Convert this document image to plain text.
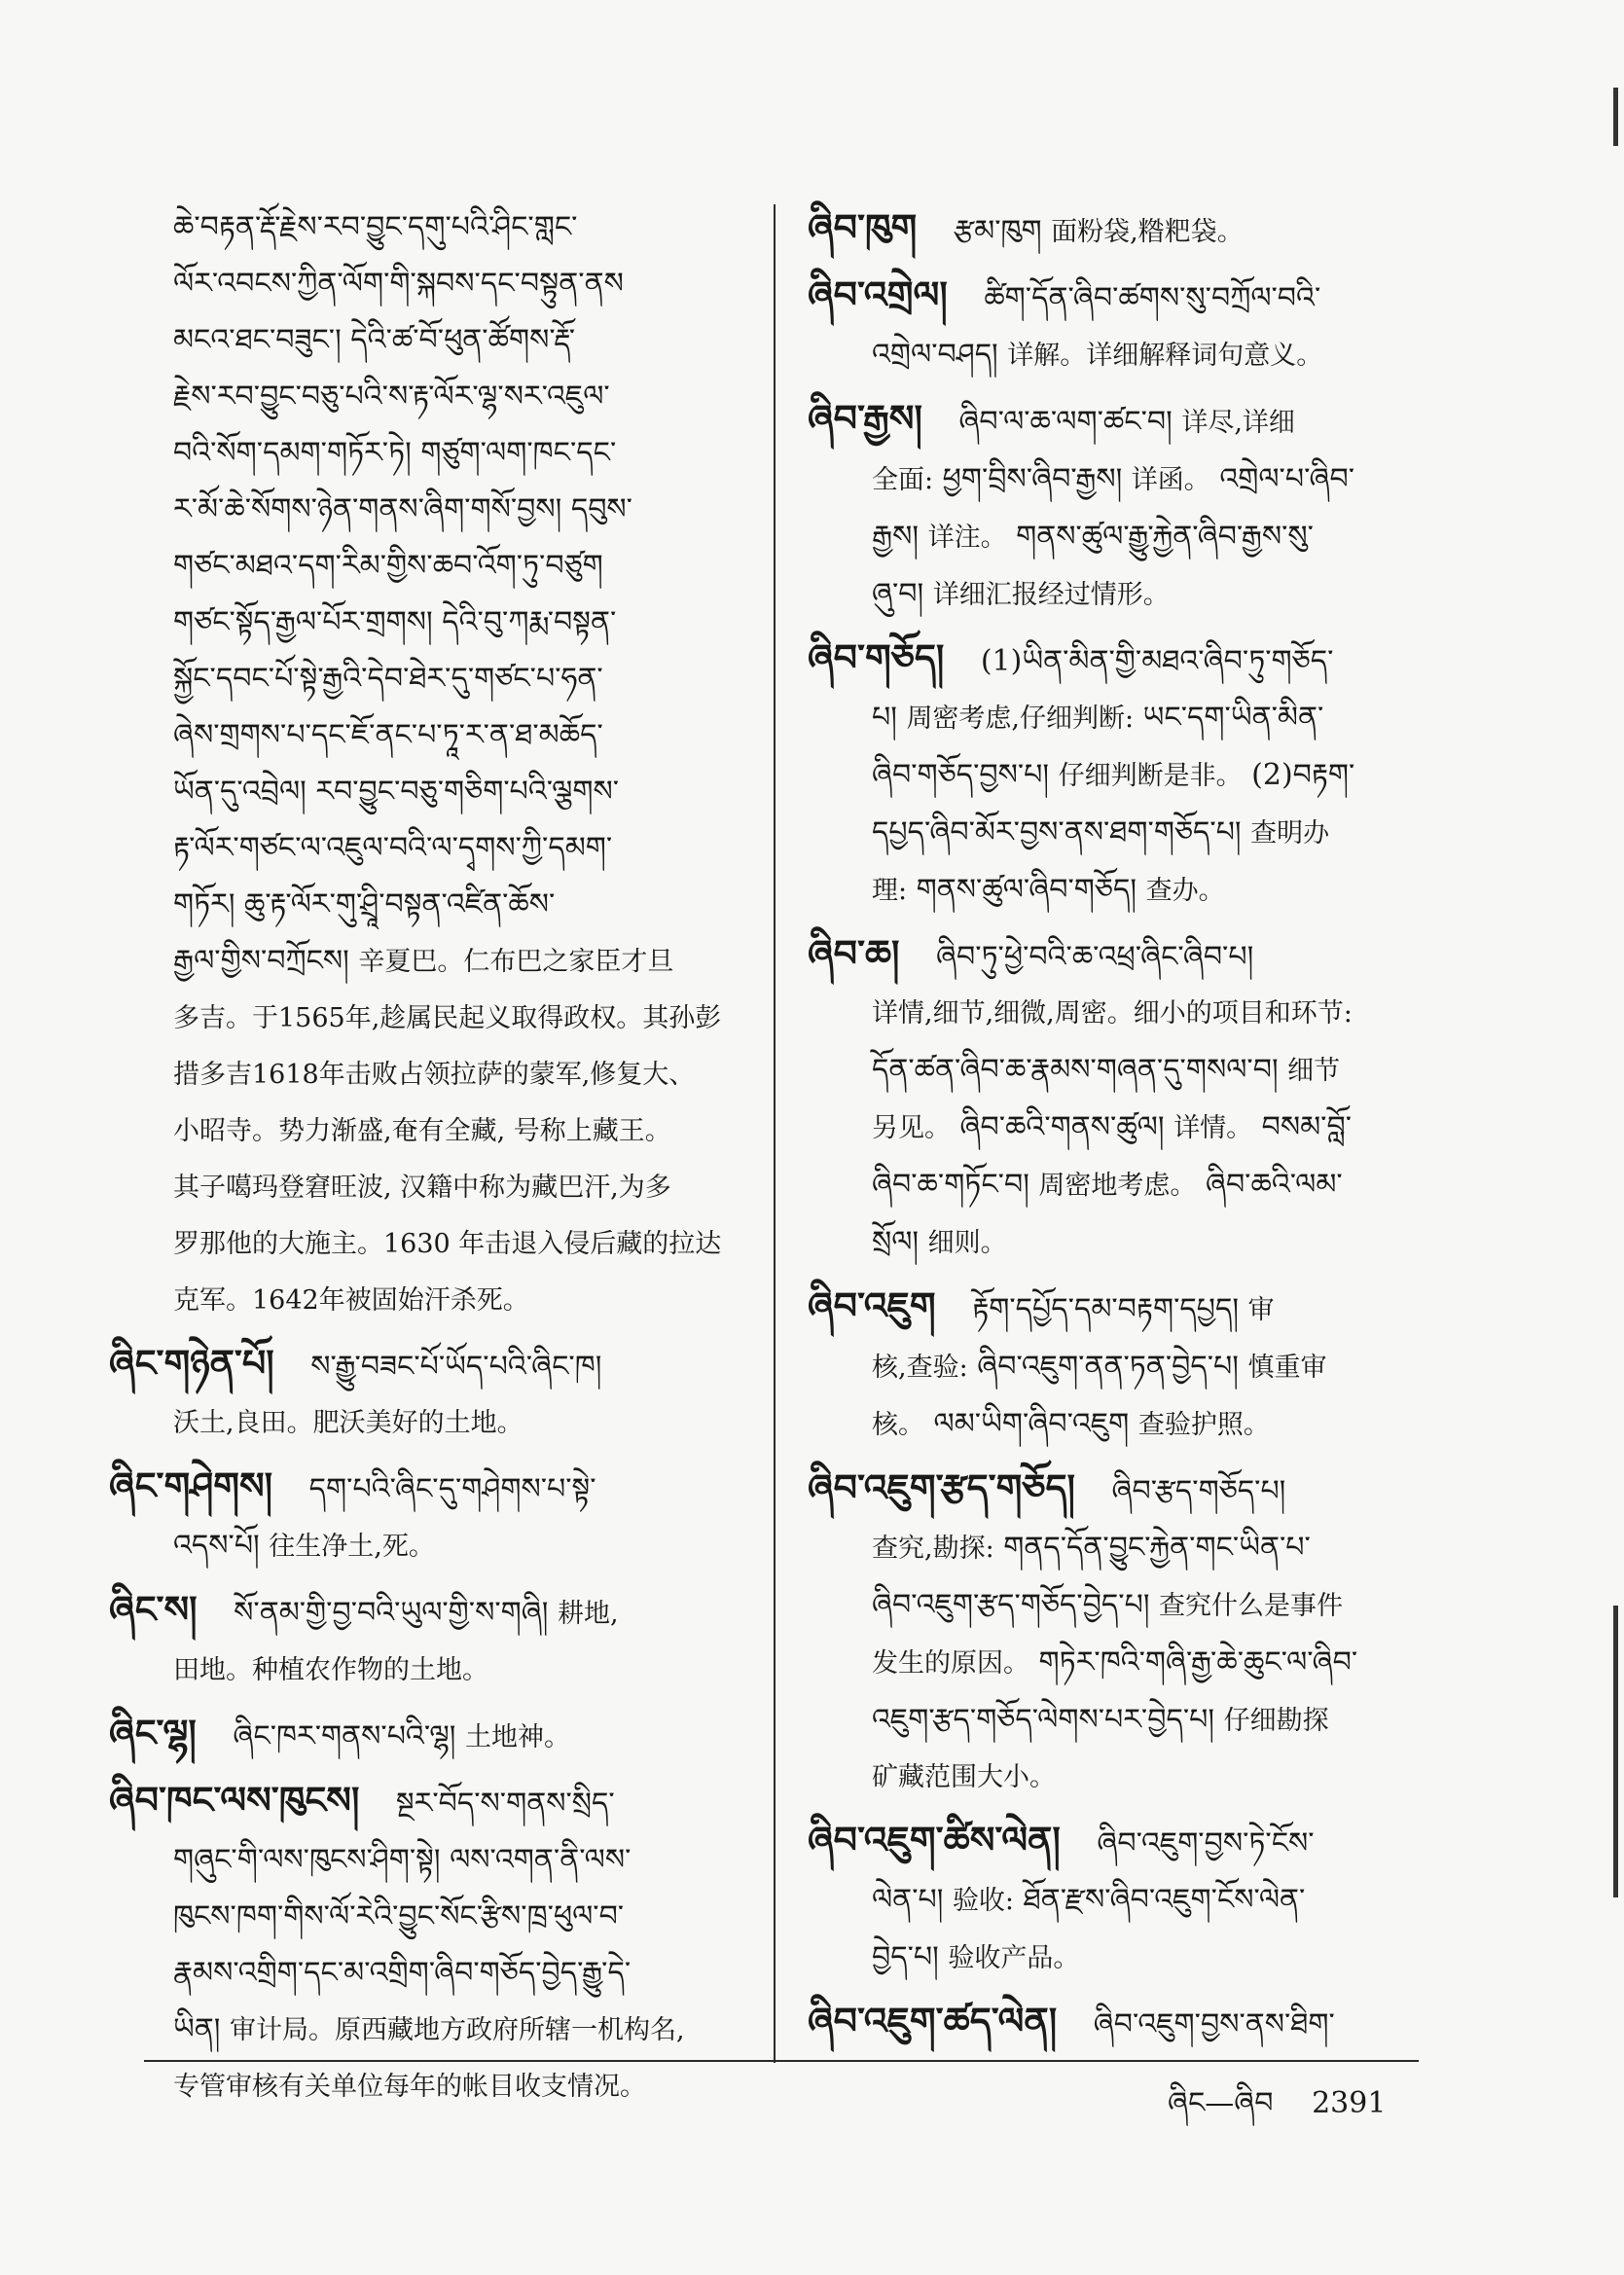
ཆེ་བརྟན་རྡོ་རྗེས་རབ་བྱུང་དགུ་པའི་ཤིང་གླང་
ལོར་འབངས་ཀྱིན་ལོག་གི་སྐབས་དང་བསྟུན་ནས
མངའ་ཐང་བཟུང་། དེའི་ཚ་བོ་ཕུན་ཚོགས་རྡོ་
རྗེས་རབ་བྱུང་བཅུ་པའི་ས་རྟ་ལོར་ལྷ་སར་འཇུལ་
བའི་སོག་དམག་གཏོར་ཏེ། གཙུག་ལག་ཁང་དང་
ར་མོ་ཆེ་སོགས་ཉེན་གནས་ཞིག་གསོ་བྱས། དབུས་
གཙང་མཐའ་དག་རིམ་གྱིས་ཆབ་འོག་ཏུ་བཙུག
གཙང་སྟོད་རྒྱལ་པོར་གྲགས། དེའི་བུ་ཀརྨ་བསྟན་
སྐྱོང་དབང་པོ་སྟེ་རྒྱའི་དེབ་ཐེར་དུ་གཙང་པ་ཧན་
ཞེས་གྲགས་པ་དང་ཇོ་ནང་པ་ཏཱ་ར་ན་ཐ་མཆོད་
ཡོན་དུ་འབྲེལ། རབ་བྱུང་བཅུ་གཅིག་པའི་ལྕགས་
རྟ་ལོར་གཙང་ལ་འཇུལ་བའི་ལ་དྭགས་ཀྱི་དམག་
གཏོར། ཆུ་རྟ་ལོར་གུ་ཤྲཱི་བསྟན་འཛིན་ཆོས་
རྒྱལ་གྱིས་བཀྲོངས། 辛夏巴。仁布巴之家臣才旦
多吉。于1565年,趁属民起义取得政权。其孙彭
措多吉1618年击败占领拉萨的蒙军,修复大、
小昭寺。势力渐盛,奄有全藏, 号称上藏王。
其子噶玛登窘旺波, 汉籍中称为藏巴汗,为多
罗那他的大施主。1630 年击退入侵后藏的拉达
克军。1642年被固始汗杀死。
ཞིང་གཉེན་པོ། ས་རྒྱུ་བཟང་པོ་ཡོད་པའི་ཞིང་ཁ།
沃土,良田。肥沃美好的土地。
ཞིང་གཤེགས། དག་པའི་ཞིང་དུ་གཤེགས་པ་སྟེ་
འདས་པོ། 往生净土,死。
ཞིང་ས། སོ་ནམ་གྱི་བྱ་བའི་ཡུལ་གྱི་ས་གཞི། 耕地,
田地。种植农作物的土地。
ཞིང་ལྷ། ཞིང་ཁར་གནས་པའི་ལྷ། 土地神。
ཞིབ་ཁང་ལས་ཁུངས། སྔར་བོད་ས་གནས་སྲིད་
གཞུང་གི་ལས་ཁུངས་ཤིག་སྟེ། ལས་འགན་ནི་ལས་
ཁུངས་ཁག་གིས་ལོ་རེའི་བྱུང་སོང་རྩིས་ཁྲ་ཕུལ་བ་
རྣམས་འགྲིག་དང་མ་འགྲིག་ཞིབ་གཅོད་བྱེད་རྒྱུ་དེ་
ཡིན། 审计局。原西藏地方政府所辖一机构名,
专管审核有关单位每年的帐目收支情况。
ཞིབ་ཁུག རྩམ་ཁུག 面粉袋,糌粑袋。
ཞིབ་འགྲེལ། ཚིག་དོན་ཞིབ་ཚགས་སུ་བཀྲོལ་བའི་
འགྲེལ་བཤད། 详解。详细解释词句意义。
ཞིབ་རྒྱས། ཞིབ་ལ་ཆ་ལག་ཚང་བ། 详尽,详细
全面: ཕྱག་བྲིས་ཞིབ་རྒྱས། 详函。 འགྲེལ་པ་ཞིབ་
རྒྱས། 详注。 གནས་ཚུལ་རྒྱུ་རྐྱེན་ཞིབ་རྒྱས་སུ་
ཞུ་བ། 详细汇报经过情形。
ཞིབ་གཅོད། (1)ཡིན་མིན་གྱི་མཐའ་ཞིབ་ཏུ་གཅོད་
པ། 周密考虑,仔细判断: ཡང་དག་ཡིན་མིན་
ཞིབ་གཅོད་བྱས་པ། 仔细判断是非。 (2)བརྟག་
དཔྱད་ཞིབ་མོར་བྱས་ནས་ཐག་གཅོད་པ། 查明办
理: གནས་ཚུལ་ཞིབ་གཅོད། 查办。
ཞིབ་ཆ། ཞིབ་ཏུ་ཕྱེ་བའི་ཆ་འཕྲ་ཞིང་ཞིབ་པ།
详情,细节,细微,周密。细小的项目和环节:
དོན་ཚན་ཞིབ་ཆ་རྣམས་གཞན་དུ་གསལ་བ། 细节
另见。 ཞིབ་ཆའི་གནས་ཚུལ། 详情。 བསམ་བློ་
ཞིབ་ཆ་གཏོང་བ། 周密地考虑。 ཞིབ་ཆའི་ལམ་
སྲོལ། 细则。
ཞིབ་འཇུག རྟོག་དཔྱོད་དམ་བརྟག་དཔྱད། 审
核,查验: ཞིབ་འཇུག་ནན་ཏན་བྱེད་པ། 慎重审
核。 ལམ་ཡིག་ཞིབ་འཇུག 查验护照。
ཞིབ་འཇུག་རྩད་གཅོད། ཞིབ་རྩད་གཅོད་པ།
查究,勘探: གནད་དོན་བྱུང་རྐྱེན་གང་ཡིན་པ་
ཞིབ་འཇུག་རྩད་གཅོད་བྱེད་པ། 查究什么是事件
发生的原因。 གཏེར་ཁའི་གཞི་རྒྱ་ཆེ་ཆུང་ལ་ཞིབ་
འཇུག་རྩད་གཅོད་ལེགས་པར་བྱེད་པ། 仔细勘探
矿藏范围大小。
ཞིབ་འཇུག་ཚིས་ལེན། ཞིབ་འཇུག་བྱས་ཏེ་ངོས་
ལེན་པ། 验收: ཐོན་རྫས་ཞིབ་འཇུག་ངོས་ལེན་
བྱེད་པ། 验收产品。
ཞིབ་འཇུག་ཚད་ལེན། ཞིབ་འཇུག་བྱས་ནས་ཐིག་
ཞིང—ཞིབ 2391
